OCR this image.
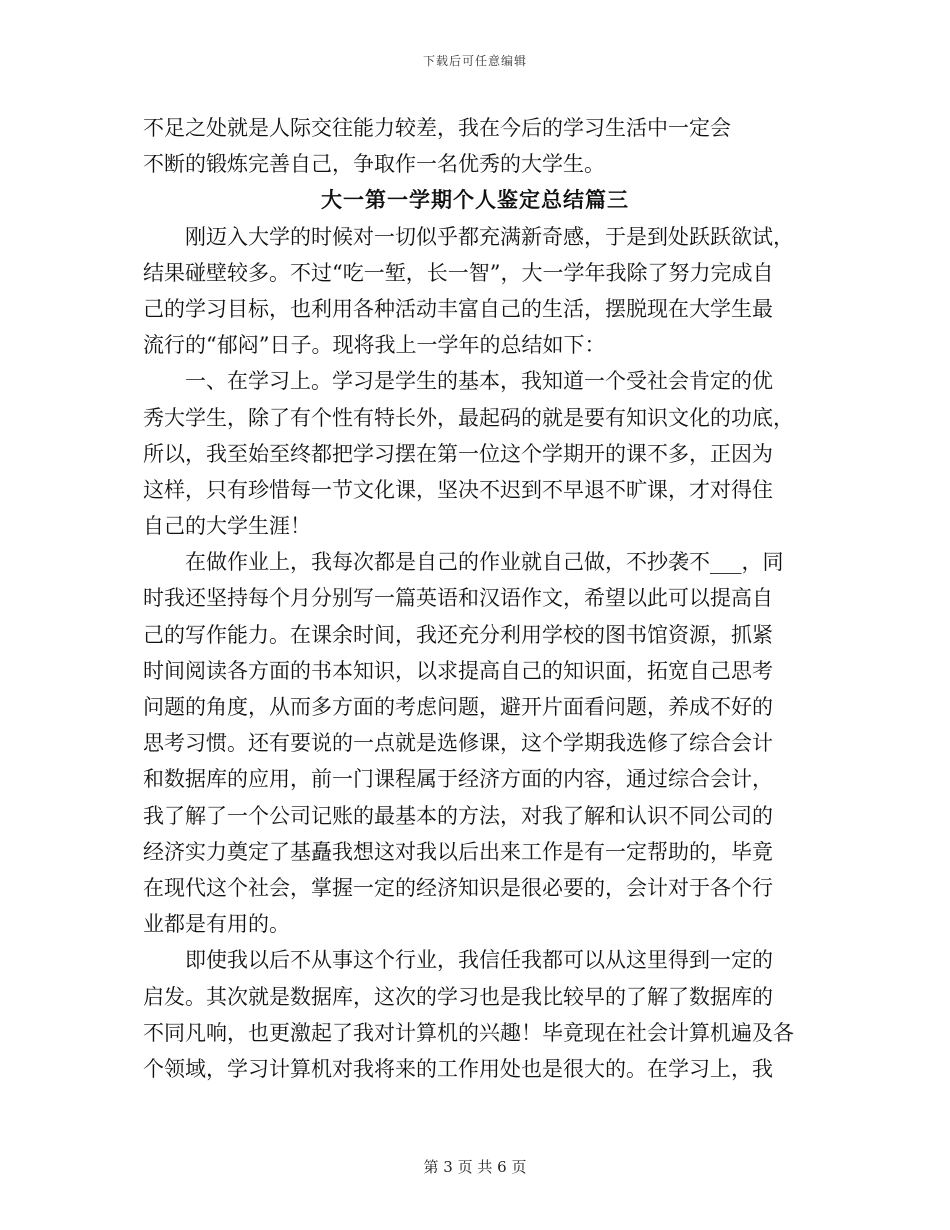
下载后可任意编辑
不足之处就是人际交往能力较差，我在今后的学习生活中一定会
不断的锻炼完善自己，争取作一名优秀的大学生。
大一第一学期个人鉴定总结篇三
刚迈入大学的时候对一切似乎都充满新奇感，于是到处跃跃欲试，
结果碰壁较多。不过“吃一堑，长一智”，大一学年我除了努力完成自
己的学习目标，也利用各种活动丰富自己的生活，摆脱现在大学生最
流行的“郁闷”日子。现将我上一学年的总结如下：
一、在学习上。学习是学生的基本，我知道一个受社会肯定的优
秀大学生，除了有个性有特长外，最起码的就是要有知识文化的功底，
所以，我至始至终都把学习摆在第一位这个学期开的课不多，正因为
这样，只有珍惜每一节文化课，坚决不迟到不早退不旷课，才对得住
自己的大学生涯！
在做作业上，我每次都是自己的作业就自己做，不抄袭不___，同
时我还坚持每个月分别写一篇英语和汉语作文，希望以此可以提高自
己的写作能力。在课余时间，我还充分利用学校的图书馆资源，抓紧
时间阅读各方面的书本知识，以求提高自己的知识面，拓宽自己思考
问题的角度，从而多方面的考虑问题，避开片面看问题，养成不好的
思考习惯。还有要说的一点就是选修课，这个学期我选修了综合会计
和数据库的应用，前一门课程属于经济方面的内容，通过综合会计，
我了解了一个公司记账的最基本的方法，对我了解和认识不同公司的
经济实力奠定了基矗我想这对我以后出来工作是有一定帮助的，毕竟
在现代这个社会，掌握一定的经济知识是很必要的，会计对于各个行
业都是有用的。
即使我以后不从事这个行业，我信任我都可以从这里得到一定的
启发。其次就是数据库，这次的学习也是我比较早的了解了数据库的
不同凡响，也更激起了我对计算机的兴趣！毕竟现在社会计算机遍及各
个领域，学习计算机对我将来的工作用处也是很大的。在学习上，我
第 3 页 共 6 页
